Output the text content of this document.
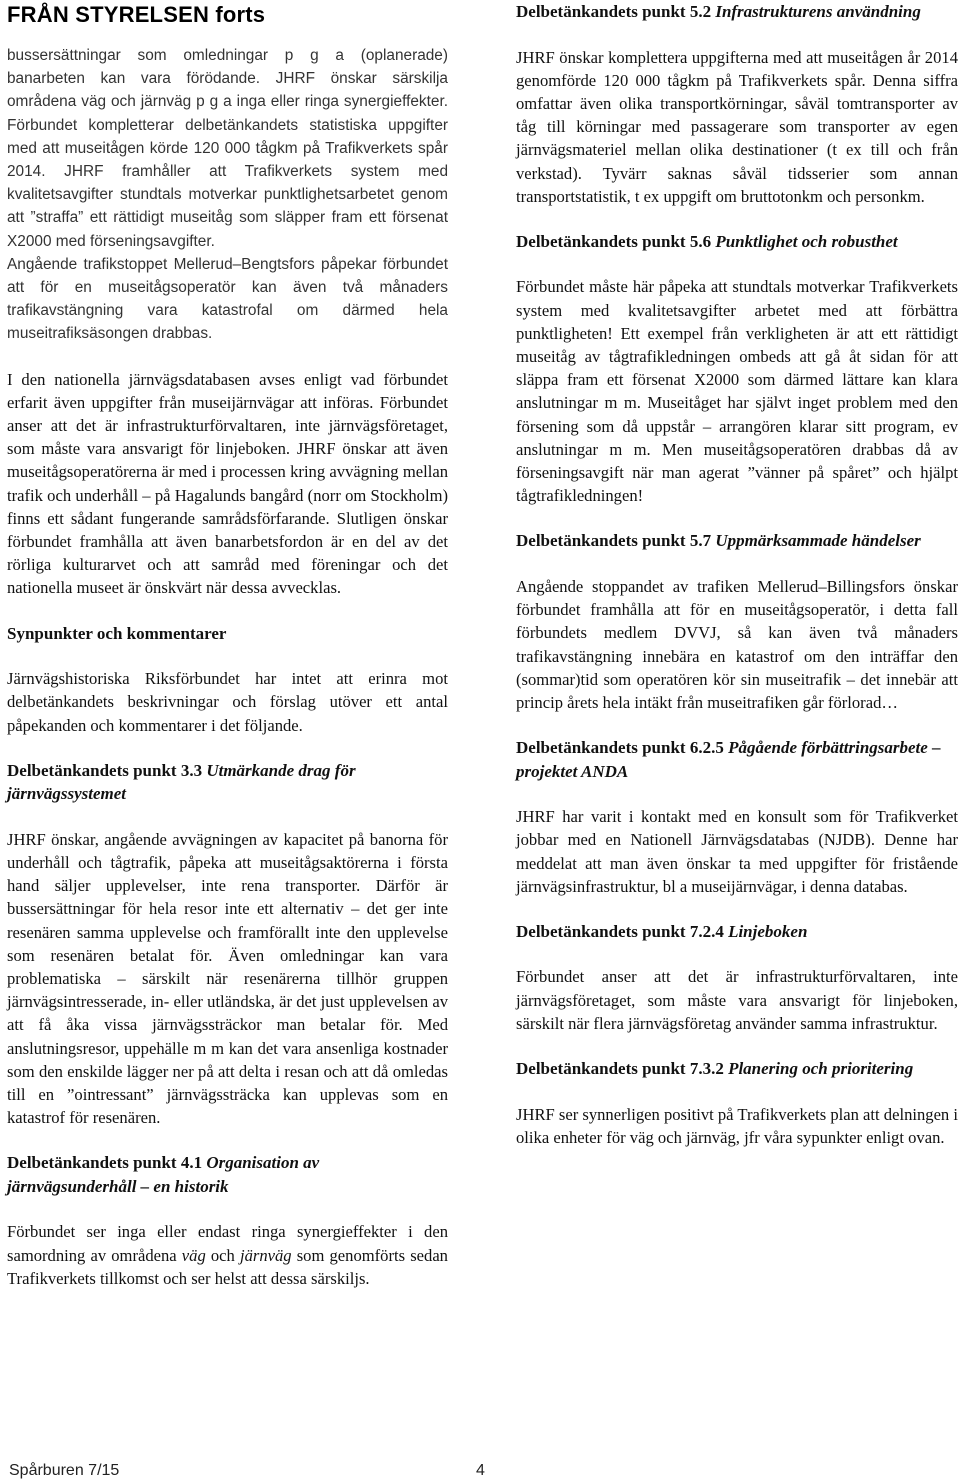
FRÅN STYRELSEN forts

bussersättningar som omledningar p g a (oplanerade) banarbeten kan vara förödande. JHRF önskar särskilja områdena väg och järnväg p g a inga eller ringa synergieffekter. Förbundet kompletterar delbetänkandets statistiska uppgifter med att museitågen körde 120 000 tågkm på Trafikverkets spår 2014. JHRF framhåller att Trafikverkets system med kvalitetsavgifter stundtals motverkar punktlighetsarbetet genom att ”straffa” ett rättidigt museitåg som släpper fram ett försenat X2000 med förseningsavgifter.

Angående trafikstoppet Mellerud–Bengtsfors påpekar förbundet att för en museitågsoperatör kan även två månaders trafikavstängning vara katastrofal om därmed hela museitrafiksäsongen drabbas.

I den nationella järnvägsdatabasen avses enligt vad förbundet erfarit även uppgifter från museijärnvägar att införas. Förbundet anser att det är infrastrukturförvaltaren, inte järnvägsföretaget, som måste vara ansvarigt för linjeboken. JHRF önskar att även museitågsoperatörerna är med i processen kring avvägning mellan trafik och underhåll – på Hagalunds bangård (norr om Stockholm) finns ett sådant fungerande samrådsförfarande. Slutligen önskar förbundet framhålla att även banarbetsfordon är en del av det rörliga kulturarvet och att samråd med föreningar och det nationella museet är önskvärt när dessa avvecklas.

Synpunkter och kommentarer

Järnvägshistoriska Riksförbundet har intet att erinra mot delbetänkandets beskrivningar och förslag utöver ett antal påpekanden och kommentarer i det följande.

Delbetänkandets punkt 3.3 Utmärkande drag för järnvägssystemet

JHRF önskar, angående avvägningen av kapacitet på banorna för underhåll och tågtrafik, påpeka att museitågsaktörerna i första hand säljer upplevelser, inte rena transporter. Därför är bussersättningar för hela resor inte ett alternativ – det ger inte resenären samma upplevelse och framförallt inte den upplevelse som resenären betalat för. Även omledningar kan vara problematiska – särskilt när resenärerna tillhör gruppen järnvägsintresserade, in- eller utländska, är det just upplevelsen av att få åka vissa järnvägssträckor man betalar för. Med anslutningsresor, uppehälle m m kan det vara ansenliga kostnader som den enskilde lägger ner på att delta i resan och att då omledas till en ”ointressant” järnvägssträcka kan upplevas som en katastrof för resenären.

Delbetänkandets punkt 4.1 Organisation av järnvägsunderhåll – en historik

Förbundet ser inga eller endast ringa synergieffekter i den samordning av områdena väg och järnväg som genomförts sedan Trafikverkets tillkomst och ser helst att dessa särskiljs.

Delbetänkandets punkt 5.2 Infrastrukturens användning

JHRF önskar komplettera uppgifterna med att museitågen år 2014 genomförde 120 000 tågkm på Trafikverkets spår. Denna siffra omfattar även olika transportkörningar, såväl tomtransporter av tåg till körningar med passagerare som transporter av egen järnvägsmateriel mellan olika destinationer (t ex till och från verkstad). Tyvärr saknas såväl tidsserier som annan transportstatistik, t ex uppgift om bruttotonkm och personkm.

Delbetänkandets punkt 5.6 Punktlighet och robusthet

Förbundet måste här påpeka att stundtals motverkar Trafikverkets system med kvalitetsavgifter arbetet med att förbättra punktligheten! Ett exempel från verkligheten är att ett rättidigt museitåg av tågtrafikledningen ombeds att gå åt sidan för att släppa fram ett försenat X2000 som därmed lättare kan klara anslutningar m m. Museitåget har självt inget problem med den försening som då uppstår – arrangören klarar sitt program, ev anslutningar m m. Men museitågsoperatören drabbas då av förseningsavgift när man agerat ”vänner på spåret” och hjälpt tågtrafikledningen!

Delbetänkandets punkt 5.7 Uppmärksammade händelser

Angående stoppandet av trafiken Mellerud–Billingsfors önskar förbundet framhålla att för en museitågsoperatör, i detta fall förbundets medlem DVVJ, så kan även två månaders trafikavstängning innebära en katastrof om den inträffar den (sommar)tid som operatören kör sin museitrafik – det innebär att princip årets hela intäkt från museitrafiken går förlorad…

Delbetänkandets punkt 6.2.5 Pågående förbättringsarbete – projektet ANDA

JHRF har varit i kontakt med en konsult som för Trafikverket jobbar med en Nationell Järnvägsdatabas (NJDB). Denne har meddelat att man även önskar ta med uppgifter för fristående järnvägsinfrastruktur, bl a museijärnvägar, i denna databas.

Delbetänkandets punkt 7.2.4 Linjeboken

Förbundet anser att det är infrastrukturförvaltaren, inte järnvägsföretaget, som måste vara ansvarigt för linjeboken, särskilt när flera järnvägsföretag använder samma infrastruktur.

Delbetänkandets punkt 7.3.2 Planering och prioritering

JHRF ser synnerligen positivt på Trafikverkets plan att delningen i olika enheter för väg och järnväg, jfr våra sypunkter enligt ovan.

Spårburen 7/15	4
